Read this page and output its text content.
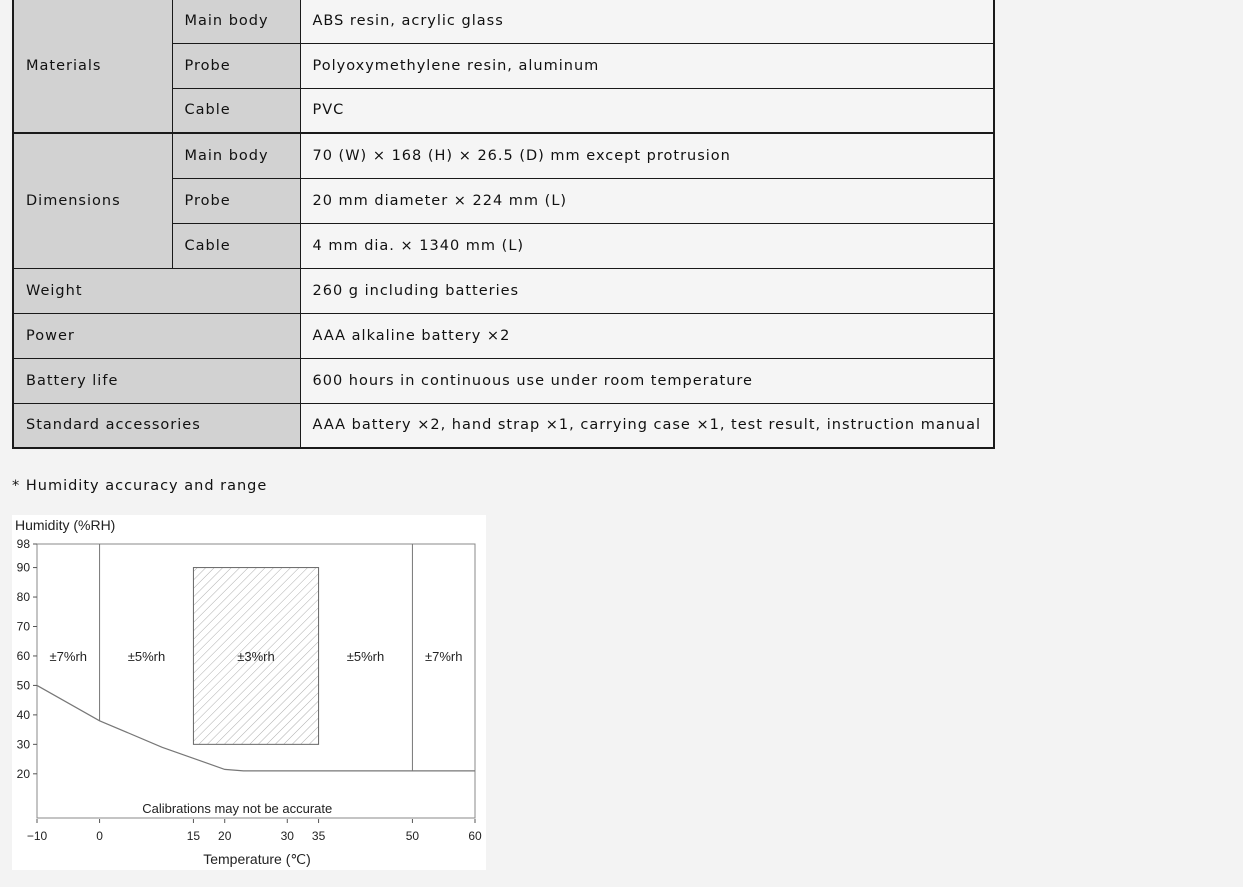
Materials	Main body	ABS resin, acrylic glass
	Probe	Polyoxymethylene resin, aluminum
	Cable	PVC
Dimensions	Main body	70 (W) × 168 (H) × 26.5 (D) mm except protrusion
	Probe	20 mm diameter × 224 mm (L)
	Cable	4 mm dia. × 1340 mm (L)
Weight		260 g including batteries
Power		AAA alkaline battery ×2
Battery life		600 hours in continuous use under room temperature
Standard accessories		AAA battery ×2, hand strap ×1, carrying case ×1, test result, instruction manual
* Humidity accuracy and range
Humidity (%RH)
Temperature (℃)
20
30
40
50
60
70
80
90
98
−10	0	15 20	30 35	50	60
±7%rh	±5%rh	±3%rh	±5%rh	±7%rh
Calibrations may not be accurate
